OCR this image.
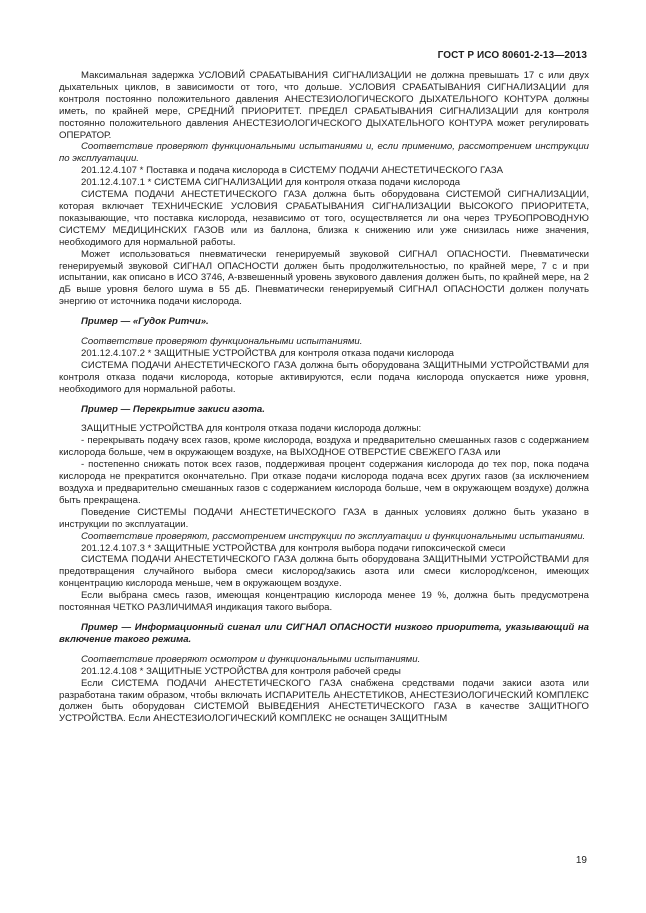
ГОСТ Р ИСО 80601-2-13—2013

Максимальная задержка УСЛОВИЙ СРАБАТЫВАНИЯ СИГНАЛИЗАЦИИ не должна превышать 17 с или двух дыхательных циклов, в зависимости от того, что дольше. УСЛОВИЯ СРАБАТЫВАНИЯ СИГНАЛИЗАЦИИ для контроля постоянно положительного давления АНЕСТЕЗИОЛОГИЧЕСКОГО ДЫХАТЕЛЬНОГО КОНТУРА должны иметь, по крайней мере, СРЕДНИЙ ПРИОРИТЕТ. ПРЕДЕЛ СРАБАТЫВАНИЯ СИГНАЛИЗАЦИИ для контроля постоянно положительного давления АНЕСТЕЗИОЛОГИЧЕСКОГО ДЫХАТЕЛЬНОГО КОНТУРА может регулировать ОПЕРАТОР.

Соответствие проверяют функциональными испытаниями и, если применимо, рассмотрением инструкции по эксплуатации.

201.12.4.107 * Поставка и подача кислорода в СИСТЕМУ ПОДАЧИ АНЕСТЕТИЧЕСКОГО ГАЗА

201.12.4.107.1 * СИСТЕМА СИГНАЛИЗАЦИИ для контроля отказа подачи кислорода

СИСТЕМА ПОДАЧИ АНЕСТЕТИЧЕСКОГО ГАЗА должна быть оборудована СИСТЕМОЙ СИГНАЛИЗАЦИИ, которая включает ТЕХНИЧЕСКИЕ УСЛОВИЯ СРАБАТЫВАНИЯ СИГНАЛИЗАЦИИ ВЫСОКОГО ПРИОРИТЕТА, показывающие, что поставка кислорода, независимо от того, осуществляется ли она через ТРУБОПРОВОДНУЮ СИСТЕМУ МЕДИЦИНСКИХ ГАЗОВ или из баллона, близка к снижению или уже снизилась ниже значения, необходимого для нормальной работы.

Может использоваться пневматически генерируемый звуковой СИГНАЛ ОПАСНОСТИ. Пневматически генерируемый звуковой СИГНАЛ ОПАСНОСТИ должен быть продолжительностью, по крайней мере, 7 с и при испытании, как описано в ИСО 3746, А-взвешенный уровень звукового давления должен быть, по крайней мере, на 2 дБ выше уровня белого шума в 55 дБ. Пневматически генерируемый СИГНАЛ ОПАСНОСТИ должен получать энергию от источника подачи кислорода.

Пример — «Гудок Ритчи».

Соответствие проверяют функциональными испытаниями.

201.12.4.107.2 * ЗАЩИТНЫЕ УСТРОЙСТВА для контроля отказа подачи кислорода

СИСТЕМА ПОДАЧИ АНЕСТЕТИЧЕСКОГО ГАЗА должна быть оборудована ЗАЩИТНЫМИ УСТРОЙСТВАМИ для контроля отказа подачи кислорода, которые активируются, если подача кислорода опускается ниже уровня, необходимого для нормальной работы.

Пример — Перекрытие закиси азота.

ЗАЩИТНЫЕ УСТРОЙСТВА для контроля отказа подачи кислорода должны:

- перекрывать подачу всех газов, кроме кислорода, воздуха и предварительно смешанных газов с содержанием кислорода больше, чем в окружающем воздухе, на ВЫХОДНОЕ ОТВЕРСТИЕ СВЕЖЕГО ГАЗА или

- постепенно снижать поток всех газов, поддерживая процент содержания кислорода до тех пор, пока подача кислорода не прекратится окончательно. При отказе подачи кислорода подача всех других газов (за исключением воздуха и предварительно смешанных газов с содержанием кислорода больше, чем в окружающем воздухе) должна быть прекращена.

Поведение СИСТЕМЫ ПОДАЧИ АНЕСТЕТИЧЕСКОГО ГАЗА в данных условиях должно быть указано в инструкции по эксплуатации.

Соответствие проверяют, рассмотрением инструкции по эксплуатации и функциональными испытаниями.

201.12.4.107.3 * ЗАЩИТНЫЕ УСТРОЙСТВА для контроля выбора подачи гипоксической смеси

СИСТЕМА ПОДАЧИ АНЕСТЕТИЧЕСКОГО ГАЗА должна быть оборудована ЗАЩИТНЫМИ УСТРОЙСТВАМИ для предотвращения случайного выбора смеси кислород/закись азота или смеси кислород/ксенон, имеющих концентрацию кислорода меньше, чем в окружающем воздухе.

Если выбрана смесь газов, имеющая концентрацию кислорода менее 19 %, должна быть предусмотрена постоянная ЧЕТКО РАЗЛИЧИМАЯ индикация такого выбора.

Пример — Информационный сигнал или СИГНАЛ ОПАСНОСТИ низкого приоритета, указывающий на включение такого режима.

Соответствие проверяют осмотром и функциональными испытаниями.

201.12.4.108 * ЗАЩИТНЫЕ УСТРОЙСТВА для контроля рабочей среды

Если СИСТЕМА ПОДАЧИ АНЕСТЕТИЧЕСКОГО ГАЗА снабжена средствами подачи закиси азота или разработана таким образом, чтобы включать ИСПАРИТЕЛЬ АНЕСТЕТИКОВ, АНЕСТЕЗИОЛОГИЧЕСКИЙ КОМПЛЕКС должен быть оборудован СИСТЕМОЙ ВЫВЕДЕНИЯ АНЕСТЕТИЧЕСКОГО ГАЗА в качестве ЗАЩИТНОГО УСТРОЙСТВА. Если АНЕСТЕЗИОЛОГИЧЕСКИЙ КОМПЛЕКС не оснащен ЗАЩИТНЫМ

19
